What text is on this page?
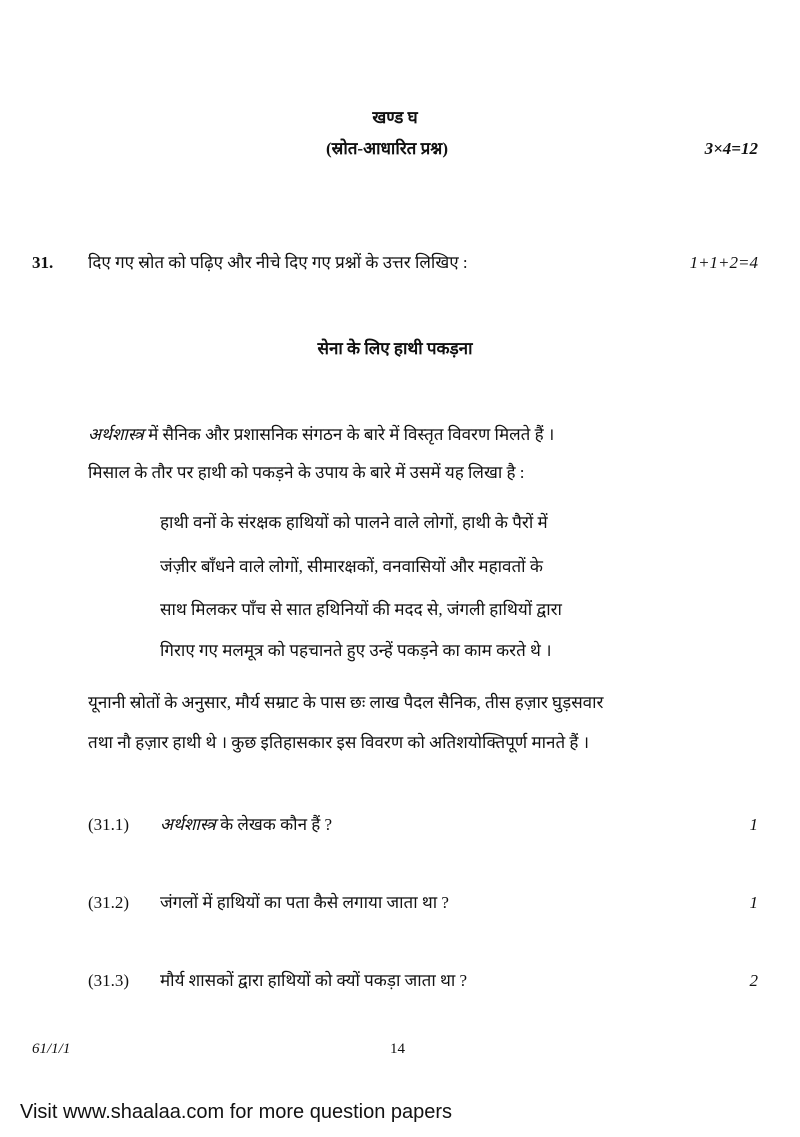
खण्ड घ
(स्रोत-आधारित प्रश्न)	3×4=12
31.	दिए गए स्रोत को पढ़िए और नीचे दिए गए प्रश्नों के उत्तर लिखिए :	1+1+2=4
सेना के लिए हाथी पकड़ना
अर्थशास्त्र में सैनिक और प्रशासनिक संगठन के बारे में विस्तृत विवरण मिलते हैं ।
मिसाल के तौर पर हाथी को पकड़ने के उपाय के बारे में उसमें यह लिखा है :
हाथी वनों के संरक्षक हाथियों को पालने वाले लोगों, हाथी के पैरों में
जंज़ीर बाँधने वाले लोगों, सीमारक्षकों, वनवासियों और महावतों के
साथ मिलकर पाँच से सात हथिनियों की मदद से, जंगली हाथियों द्वारा
गिराए गए मलमूत्र को पहचानते हुए उन्हें पकड़ने का काम करते थे ।
यूनानी स्रोतों के अनुसार, मौर्य सम्राट के पास छः लाख पैदल सैनिक, तीस हज़ार घुड़सवार
तथा नौ हज़ार हाथी थे । कुछ इतिहासकार इस विवरण को अतिशयोक्तिपूर्ण मानते हैं ।
(31.1)	अर्थशास्त्र के लेखक कौन हैं ?	1
(31.2)	जंगलों में हाथियों का पता कैसे लगाया जाता था ?	1
(31.3)	मौर्य शासकों द्वारा हाथियों को क्यों पकड़ा जाता था ?	2
61/1/1	14
Visit www.shaalaa.com for more question papers
